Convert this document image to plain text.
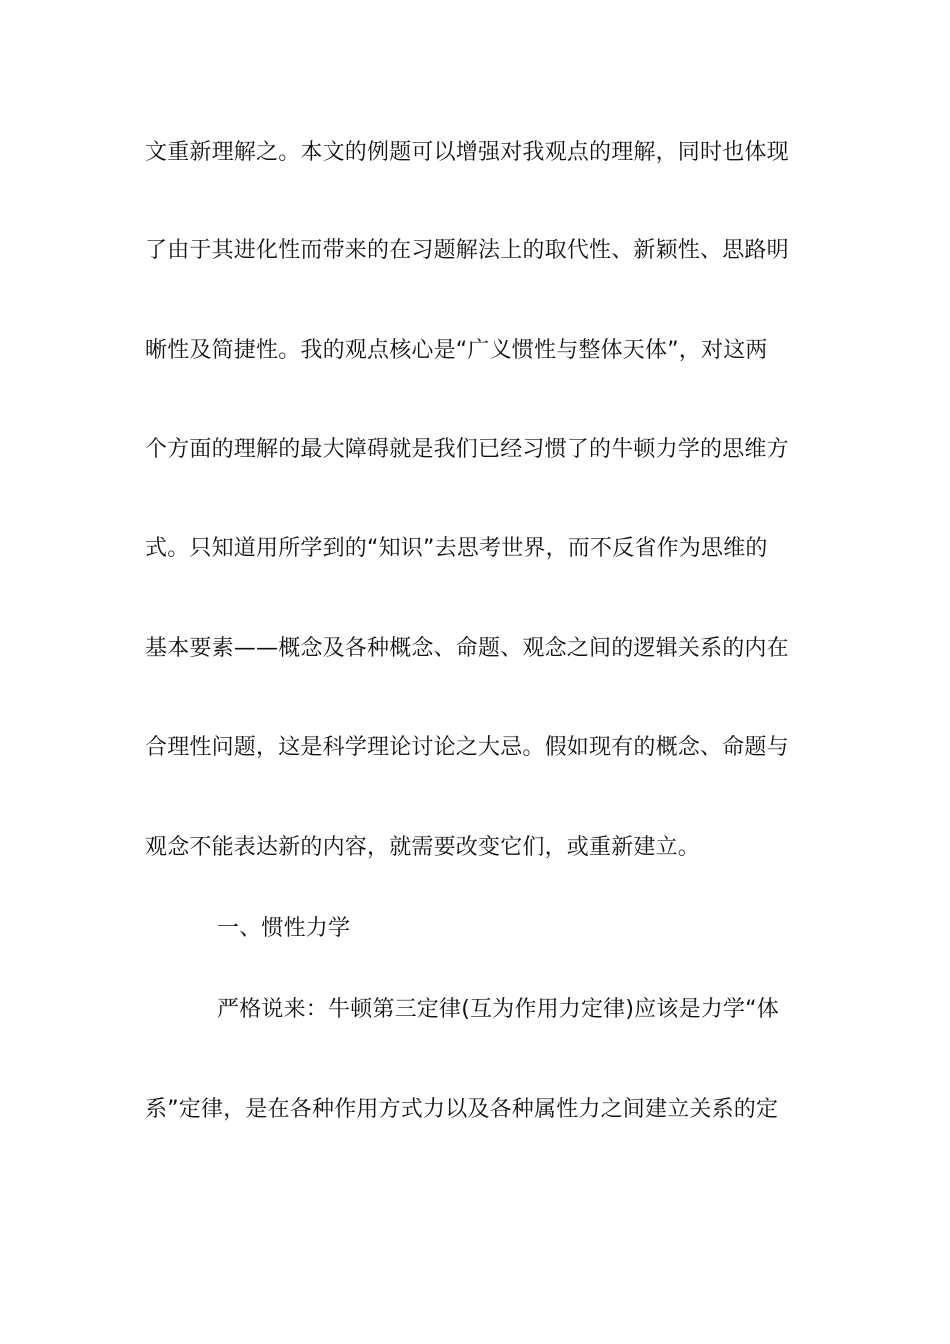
文重新理解之。本文的例题可以增强对我观点的理解，同时也体现
了由于其进化性而带来的在习题解法上的取代性、新颖性、思路明
晰性及简捷性。我的观点核心是“广义惯性与整体天体”，对这两
个方面的理解的最大障碍就是我们已经习惯了的牛顿力学的思维方
式。只知道用所学到的“知识”去思考世界，而不反省作为思维的
基本要素——概念及各种概念、命题、观念之间的逻辑关系的内在
合理性问题，这是科学理论讨论之大忌。假如现有的概念、命题与
观念不能表达新的内容，就需要改变它们，或重新建立。
一、惯性力学
严格说来：牛顿第三定律(互为作用力定律)应该是力学“体
系”定律，是在各种作用方式力以及各种属性力之间建立关系的定
